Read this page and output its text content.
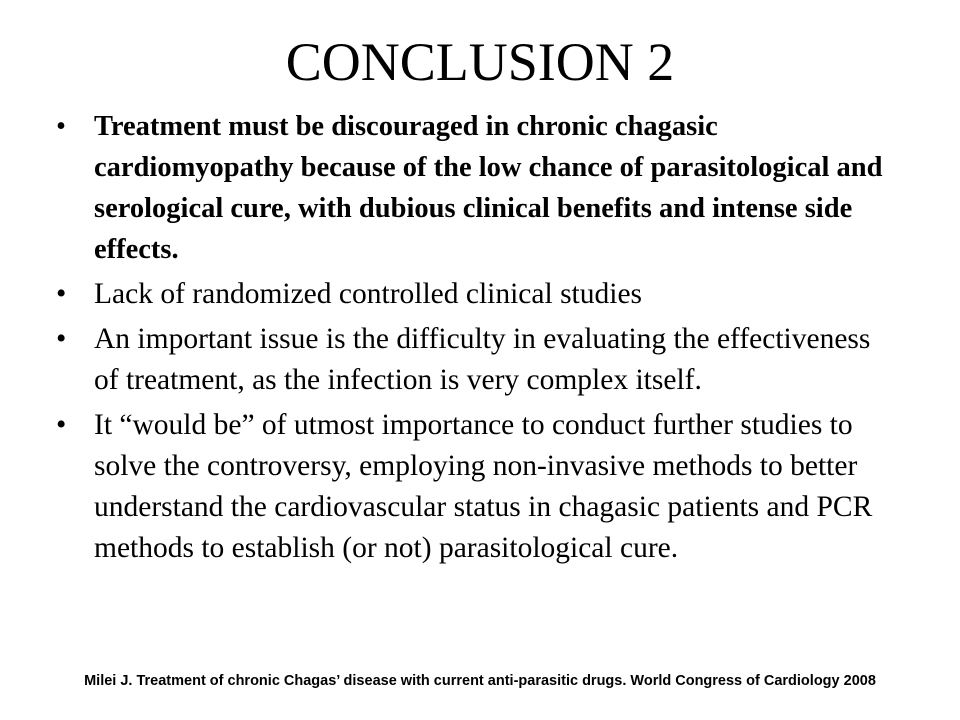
CONCLUSION 2
• Treatment must be discouraged in chronic chagasic cardiomyopathy because of the low chance of parasitological and serological cure, with dubious clinical benefits and intense side effects.
• Lack of randomized controlled clinical studies
• An important issue is the difficulty in evaluating the effectiveness of treatment, as the infection is very complex itself.
• It “would be” of utmost importance to conduct further studies to solve the controversy, employing non-invasive methods to better understand the cardiovascular status in chagasic patients and PCR methods to establish (or not) parasitological cure.
Milei J. Treatment of chronic Chagas’ disease with current anti-parasitic drugs. World Congress of Cardiology 2008
